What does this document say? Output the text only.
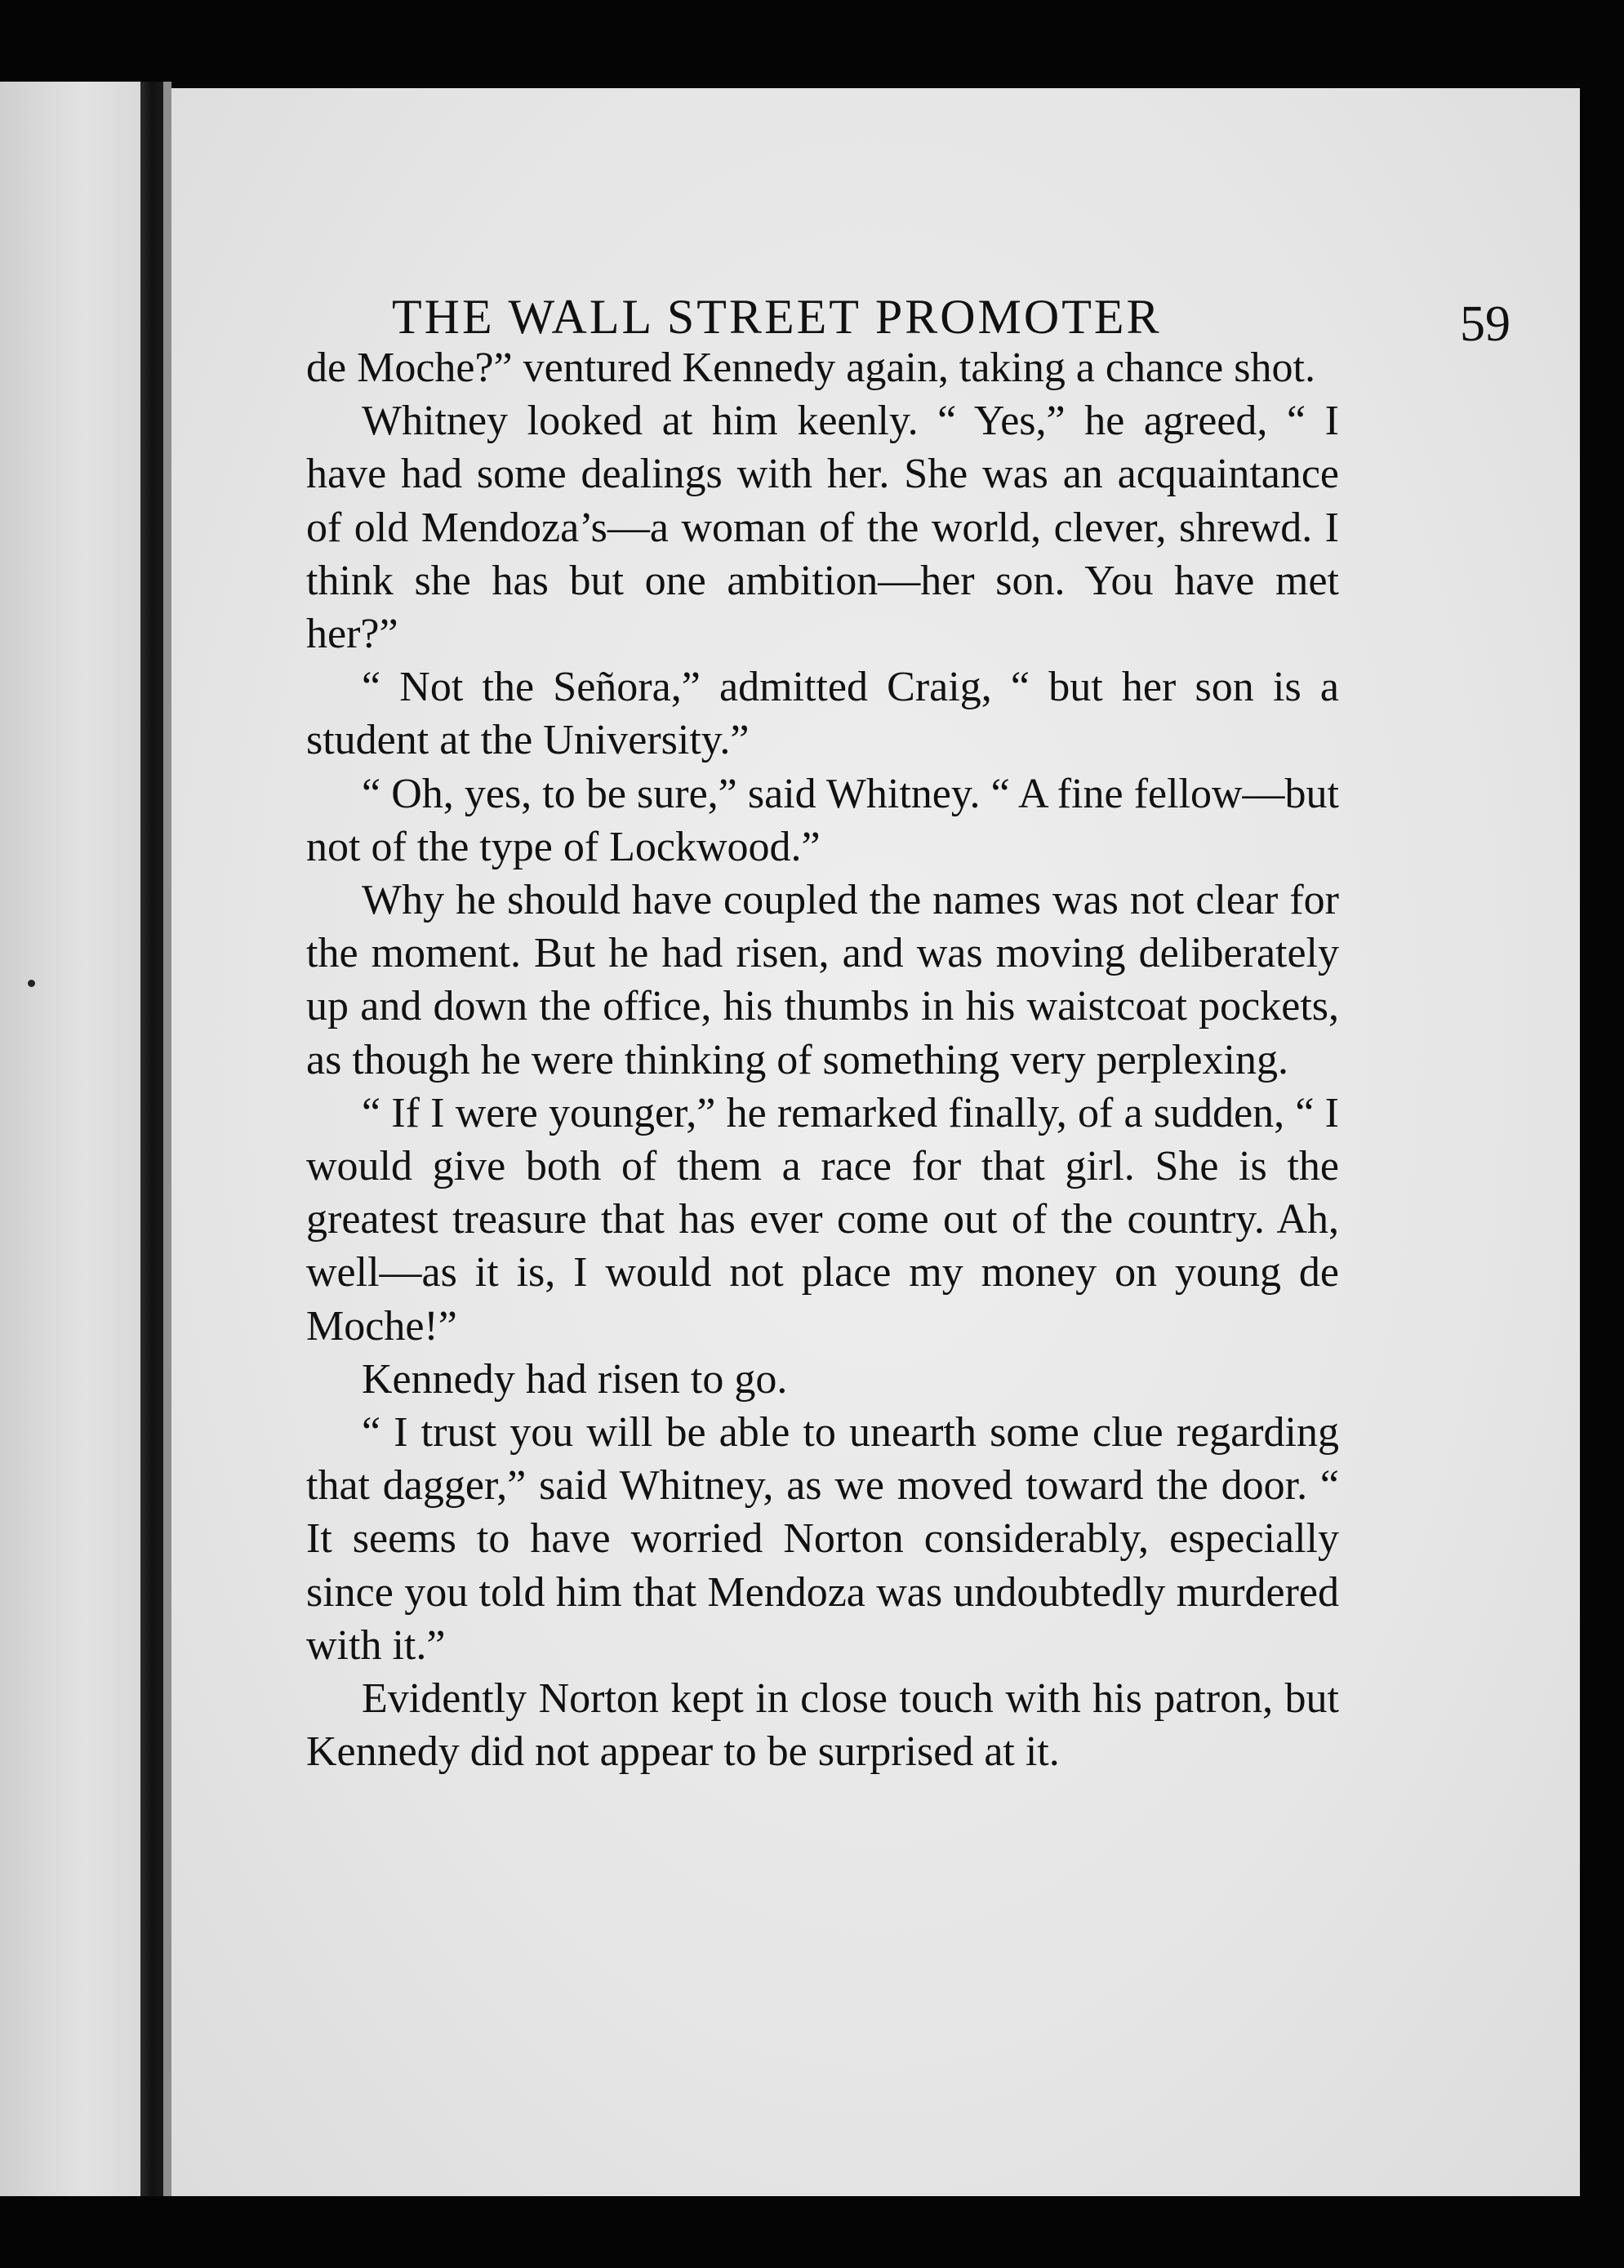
THE WALL STREET PROMOTER	59

de Moche?” ventured Kennedy again, taking a chance shot.

Whitney looked at him keenly. “ Yes,” he agreed, “ I have had some dealings with her. She was an acquaintance of old Mendoza’s—a woman of the world, clever, shrewd. I think she has but one ambition—her son. You have met her?”

“ Not the Señora,” admitted Craig, “ but her son is a student at the University.”

“ Oh, yes, to be sure,” said Whitney. “ A fine fellow—but not of the type of Lockwood.”

Why he should have coupled the names was not clear for the moment. But he had risen, and was moving deliberately up and down the office, his thumbs in his waistcoat pockets, as though he were thinking of something very perplexing.

“ If I were younger,” he remarked finally, of a sudden, “ I would give both of them a race for that girl. She is the greatest treasure that has ever come out of the country. Ah, well—as it is, I would not place my money on young de Moche!”

Kennedy had risen to go.

“ I trust you will be able to unearth some clue regarding that dagger,” said Whitney, as we moved toward the door. “ It seems to have worried Norton considerably, especially since you told him that Mendoza was undoubtedly murdered with it.”

Evidently Norton kept in close touch with his patron, but Kennedy did not appear to be surprised at it.
